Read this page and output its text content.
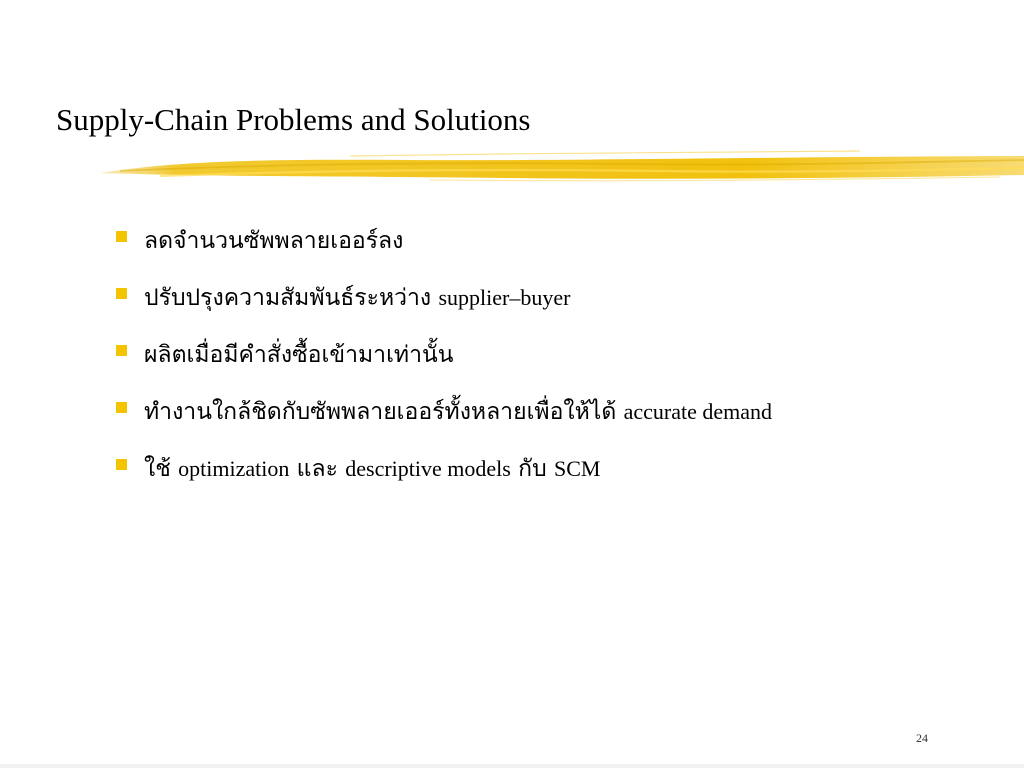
Supply-Chain Problems and Solutions
ลดจำนวนซัพพลายเออร์ลง
ปรับปรุงความสัมพันธ์ระหว่าง supplier–buyer
ผลิตเมื่อมีคำสั่งซื้อเข้ามาเท่านั้น
ทำงานใกล้ชิดกับซัพพลายเออร์ทั้งหลายเพื่อให้ได้ accurate demand
ใช้ optimization และ descriptive models กับ SCM
24
